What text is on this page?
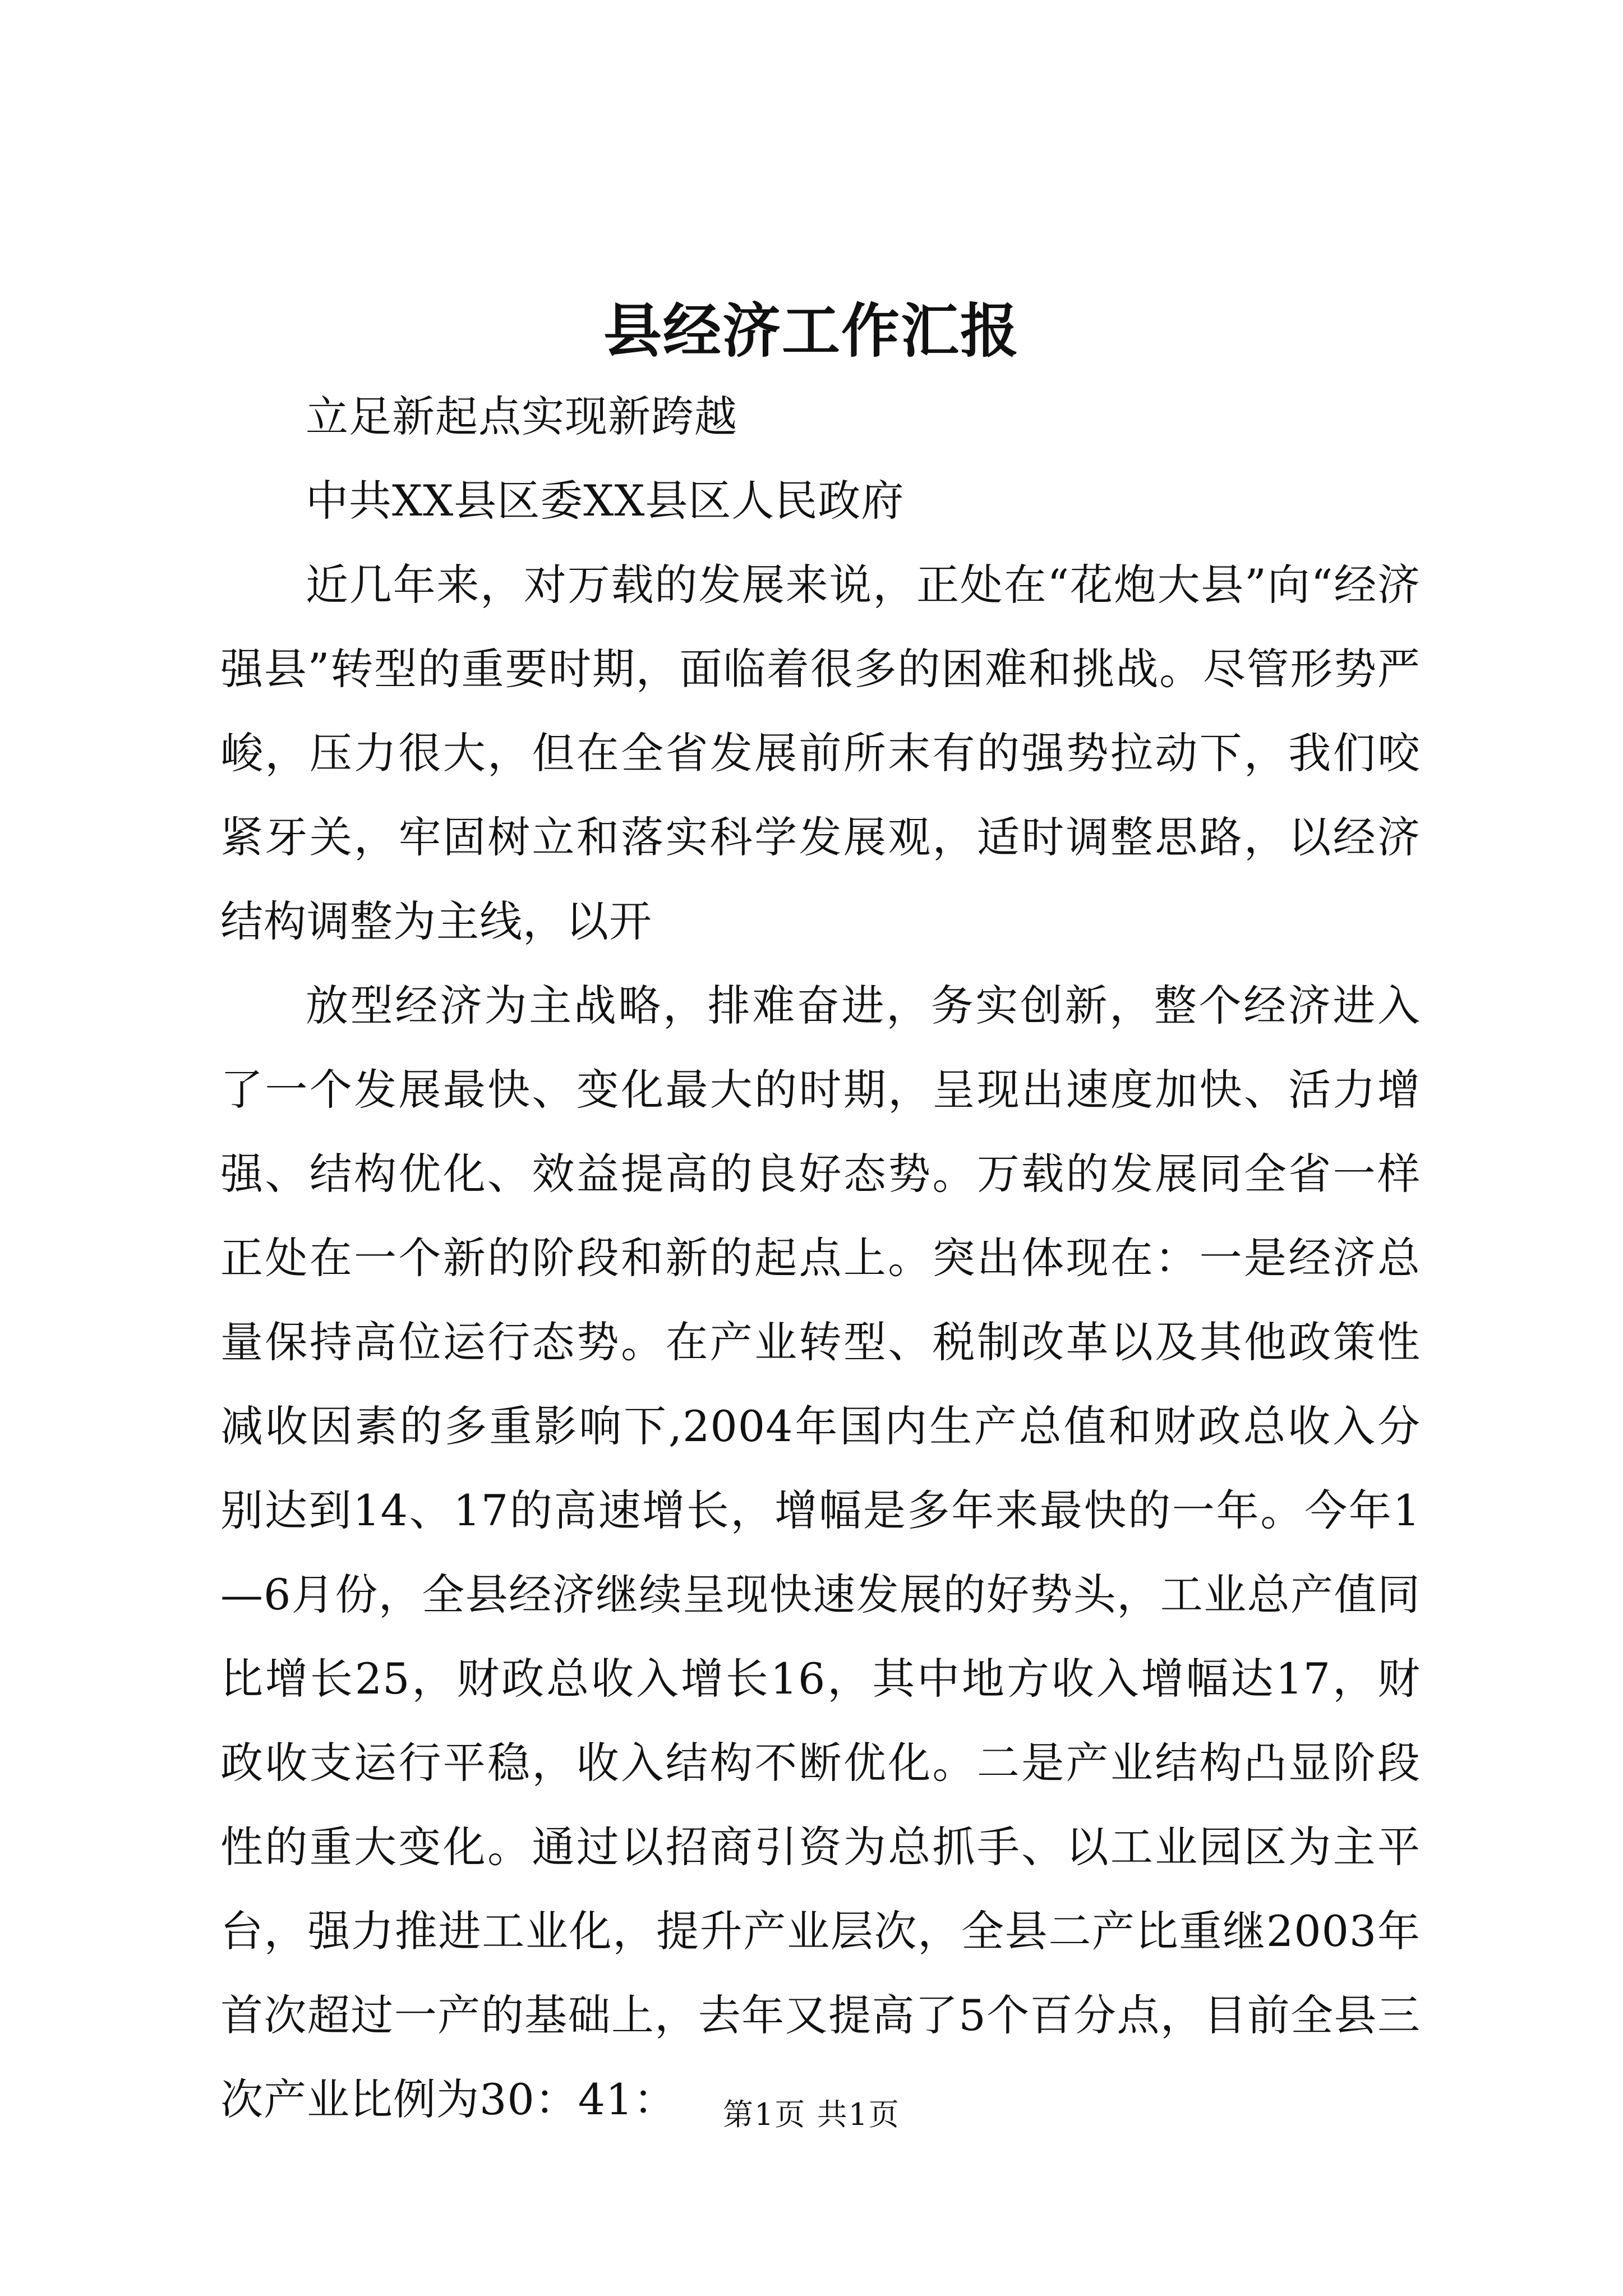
县经济工作汇报

立足新起点实现新跨越

中共XX县区委XX县区人民政府

近几年来，对万载的发展来说，正处在“花炮大县”向“经济强县”转型的重要时期，面临着很多的困难和挑战。尽管形势严峻，压力很大，但在全省发展前所末有的强势拉动下，我们咬紧牙关，牢固树立和落实科学发展观，适时调整思路，以经济结构调整为主线，以开

放型经济为主战略，排难奋进，务实创新，整个经济进入了一个发展最快、变化最大的时期，呈现出速度加快、活力增强、结构优化、效益提高的良好态势。万载的发展同全省一样正处在一个新的阶段和新的起点上。突出体现在：一是经济总量保持高位运行态势。在产业转型、税制改革以及其他政策性减收因素的多重影响下,2004年国内生产总值和财政总收入分别达到14、17的高速增长，增幅是多年来最快的一年。今年1—6月份，全县经济继续呈现快速发展的好势头，工业总产值同比增长25，财政总收入增长16，其中地方收入增幅达17，财政收支运行平稳，收入结构不断优化。二是产业结构凸显阶段性的重大变化。通过以招商引资为总抓手、以工业园区为主平台，强力推进工业化，提升产业层次，全县二产比重继2003年首次超过一产的基础上，去年又提高了5个百分点，目前全县三次产业比例为30：41：	第1页 共1页
